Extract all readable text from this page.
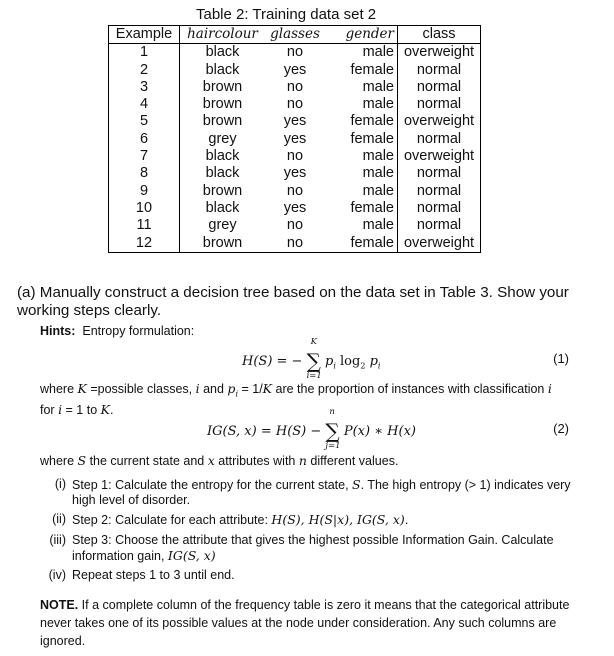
Table 2: Training data set 2
Example	haircolour	glasses	gender	class
1	black	no	male	overweight
2	black	yes	female	normal
3	brown	no	male	normal
4	brown	no	male	normal
5	brown	yes	female	overweight
6	grey	yes	female	normal
7	black	no	male	overweight
8	black	yes	male	normal
9	brown	no	male	normal
10	black	yes	female	normal
11	grey	no	male	normal
12	brown	no	female	overweight
(a) Manually construct a decision tree based on the data set in Table 3. Show your working steps clearly.
Hints: Entropy formulation:
H(S) = − ∑
K
i=1
$p_i$ $\log_2 p_i$
(1)
where K =possible classes, i and $p_i = 1/K$ are the proportion of instances with classification i
for i = 1 to K.
IG(S, x) = H(S) − ∑
n
j=1
P(x) ∗ H(x)	(2)
where S the current state and x attributes with n different values.
(i) Step 1: Calculate the entropy for the current state, S. The high entropy (> 1) indicates very high level of disorder.
(ii) Step 2: Calculate for each attribute: H(S), H(S|x), IG(S, x).
(iii) Step 3: Choose the attribute that gives the highest possible Information Gain. Calculate information gain, IG(S, x)
(iv) Repeat steps 1 to 3 until end.
NOTE. If a complete column of the frequency table is zero it means that the categorical attribute never takes one of its possible values at the node under consideration. Any such columns are ignored.
